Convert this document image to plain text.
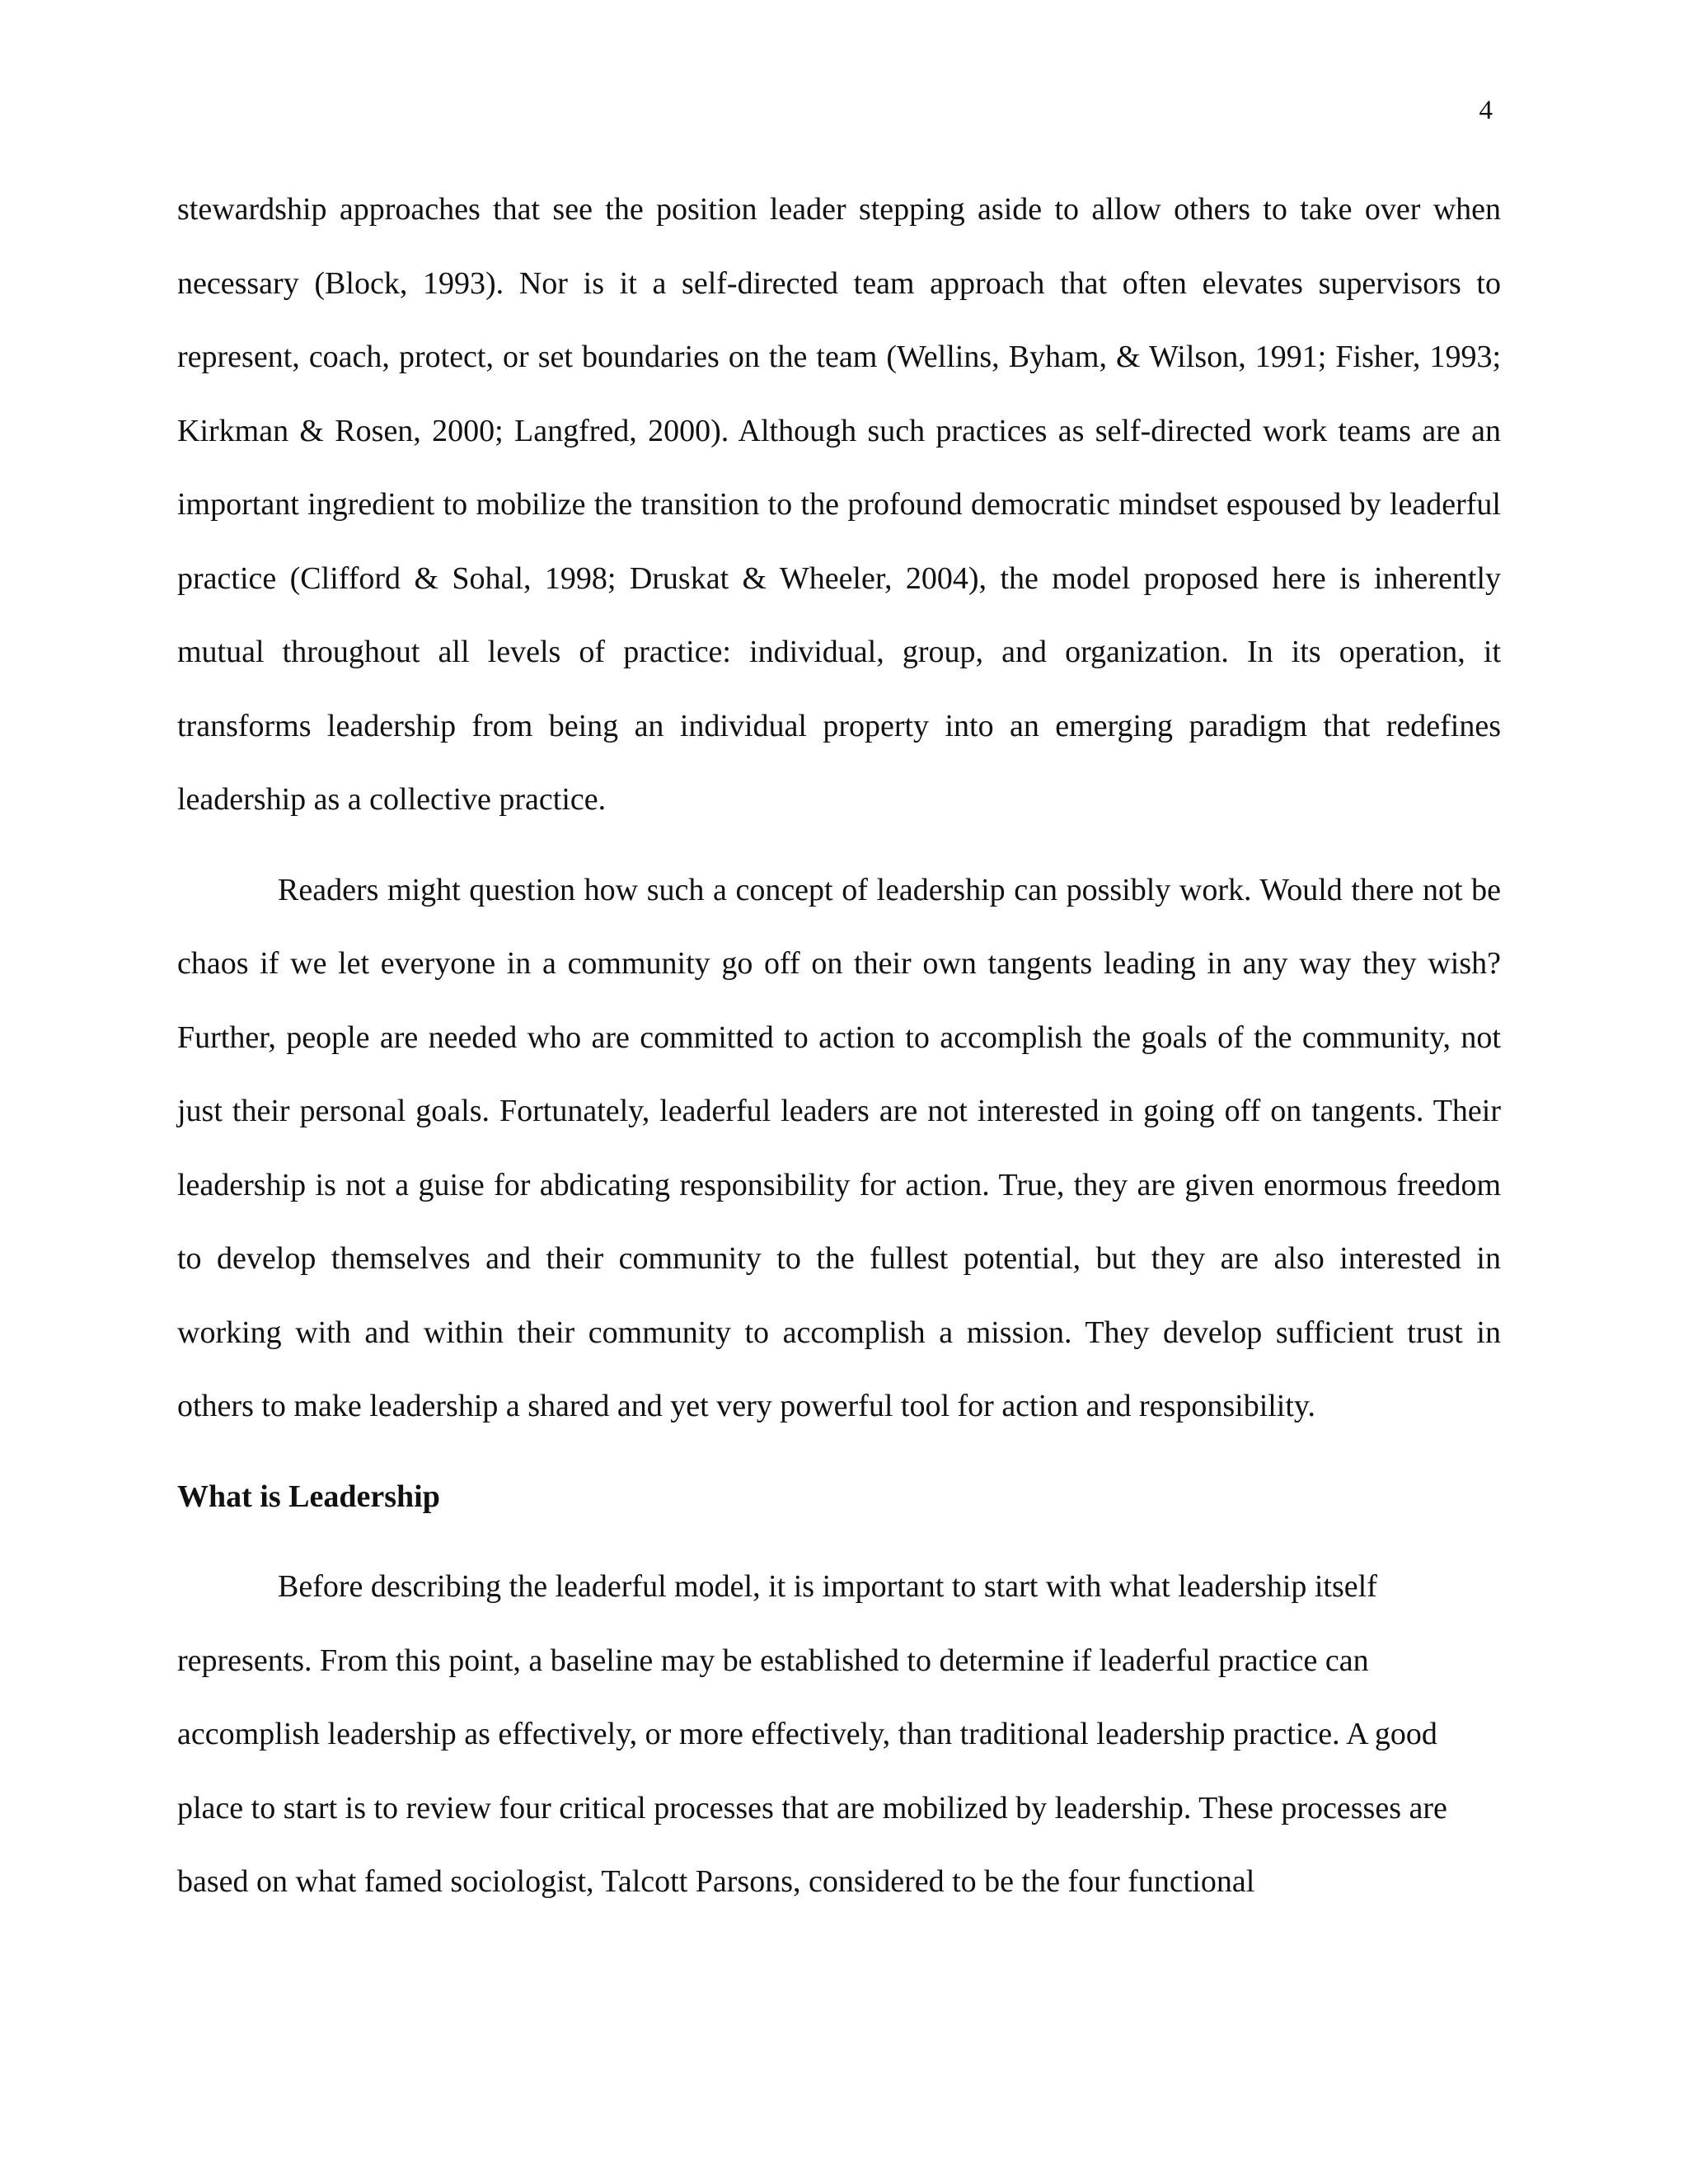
4

stewardship approaches that see the position leader stepping aside to allow others to take over when necessary (Block, 1993). Nor is it a self-directed team approach that often elevates supervisors to represent, coach, protect, or set boundaries on the team (Wellins, Byham, & Wilson, 1991; Fisher, 1993; Kirkman & Rosen, 2000; Langfred, 2000). Although such practices as self-directed work teams are an important ingredient to mobilize the transition to the profound democratic mindset espoused by leaderful practice (Clifford & Sohal, 1998; Druskat & Wheeler, 2004), the model proposed here is inherently mutual throughout all levels of practice: individual, group, and organization. In its operation, it transforms leadership from being an individual property into an emerging paradigm that redefines leadership as a collective practice.

Readers might question how such a concept of leadership can possibly work. Would there not be chaos if we let everyone in a community go off on their own tangents leading in any way they wish? Further, people are needed who are committed to action to accomplish the goals of the community, not just their personal goals. Fortunately, leaderful leaders are not interested in going off on tangents. Their leadership is not a guise for abdicating responsibility for action. True, they are given enormous freedom to develop themselves and their community to the fullest potential, but they are also interested in working with and within their community to accomplish a mission. They develop sufficient trust in others to make leadership a shared and yet very powerful tool for action and responsibility.

What is Leadership

Before describing the leaderful model, it is important to start with what leadership itself represents. From this point, a baseline may be established to determine if leaderful practice can accomplish leadership as effectively, or more effectively, than traditional leadership practice. A good place to start is to review four critical processes that are mobilized by leadership. These processes are based on what famed sociologist, Talcott Parsons, considered to be the four functional
